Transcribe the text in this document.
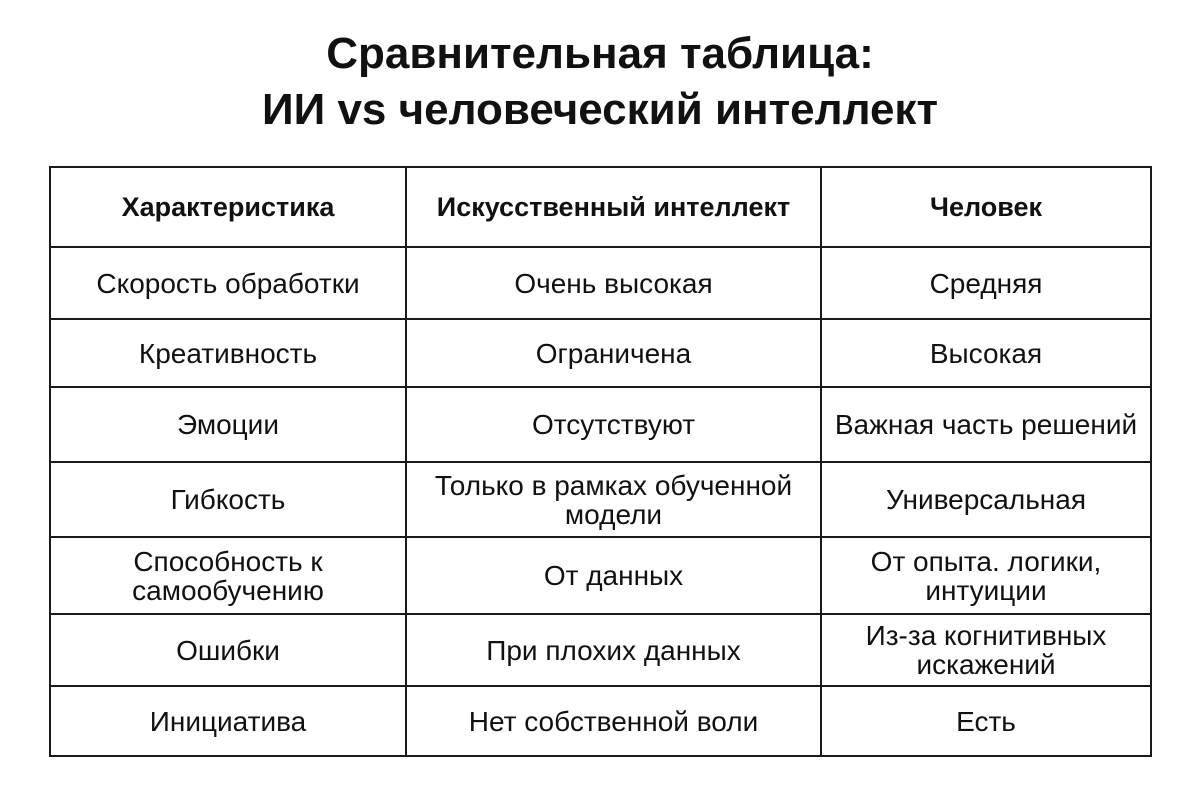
Сравнительная таблица:
ИИ vs человеческий интеллект
Характеристика	Искусственный интеллект	Человек
Скорость обработки	Очень высокая	Средняя
Креативность	Ограничена	Высокая
Эмоции	Отсутствуют	Важная часть решений
Гибкость	Только в рамках обученной модели	Универсальная
Способность к самообучению	От данных	От опыта. логики, интуиции
Ошибки	При плохих данных	Из-за когнитивных искажений
Инициатива	Нет собственной воли	Есть
